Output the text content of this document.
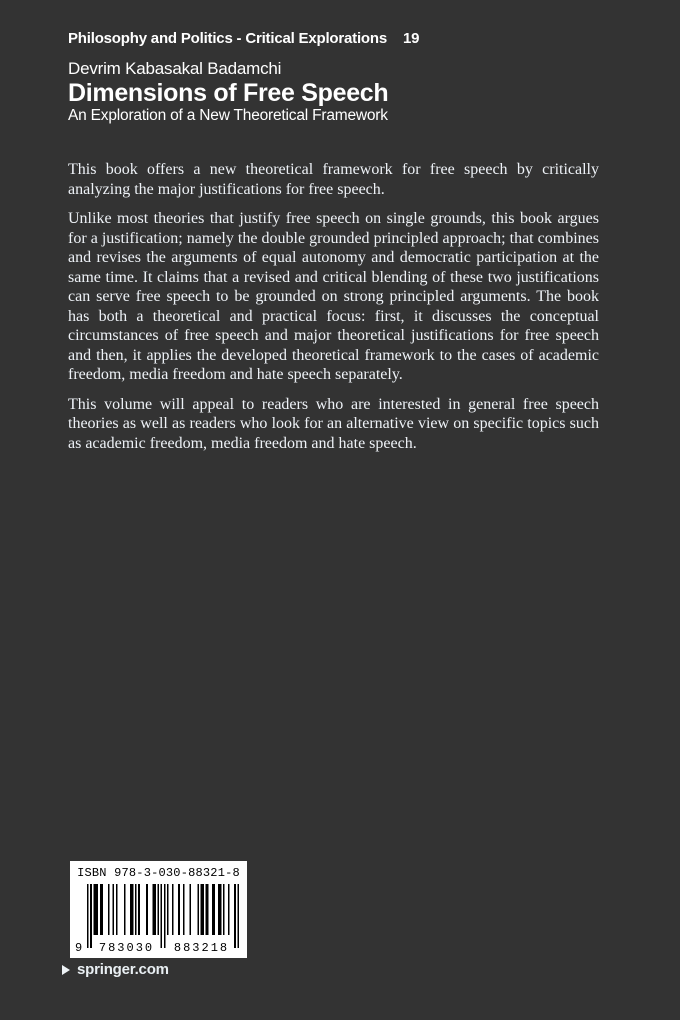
Philosophy and Politics - Critical Explorations 19
Devrim Kabasakal Badamchi
Dimensions of Free Speech
An Exploration of a New Theoretical Framework

This book offers a new theoretical framework for free speech by critically analyzing the major justifications for free speech.

Unlike most theories that justify free speech on single grounds, this book argues for a justification; namely the double grounded principled approach; that combines and revises the arguments of equal autonomy and democratic participation at the same time. It claims that a revised and critical blending of these two justifications can serve free speech to be grounded on strong principled arguments. The book has both a theoretical and practical focus: first, it discusses the conceptual circumstances of free speech and major theoretical justifications for free speech and then, it applies the developed theoretical framework to the cases of academic freedom, media freedom and hate speech separately.

This volume will appeal to readers who are interested in general free speech theories as well as readers who look for an alternative view on specific topics such as academic freedom, media freedom and hate speech.

ISBN 978-3-030-88321-8
9	783030	883218
springer.com
